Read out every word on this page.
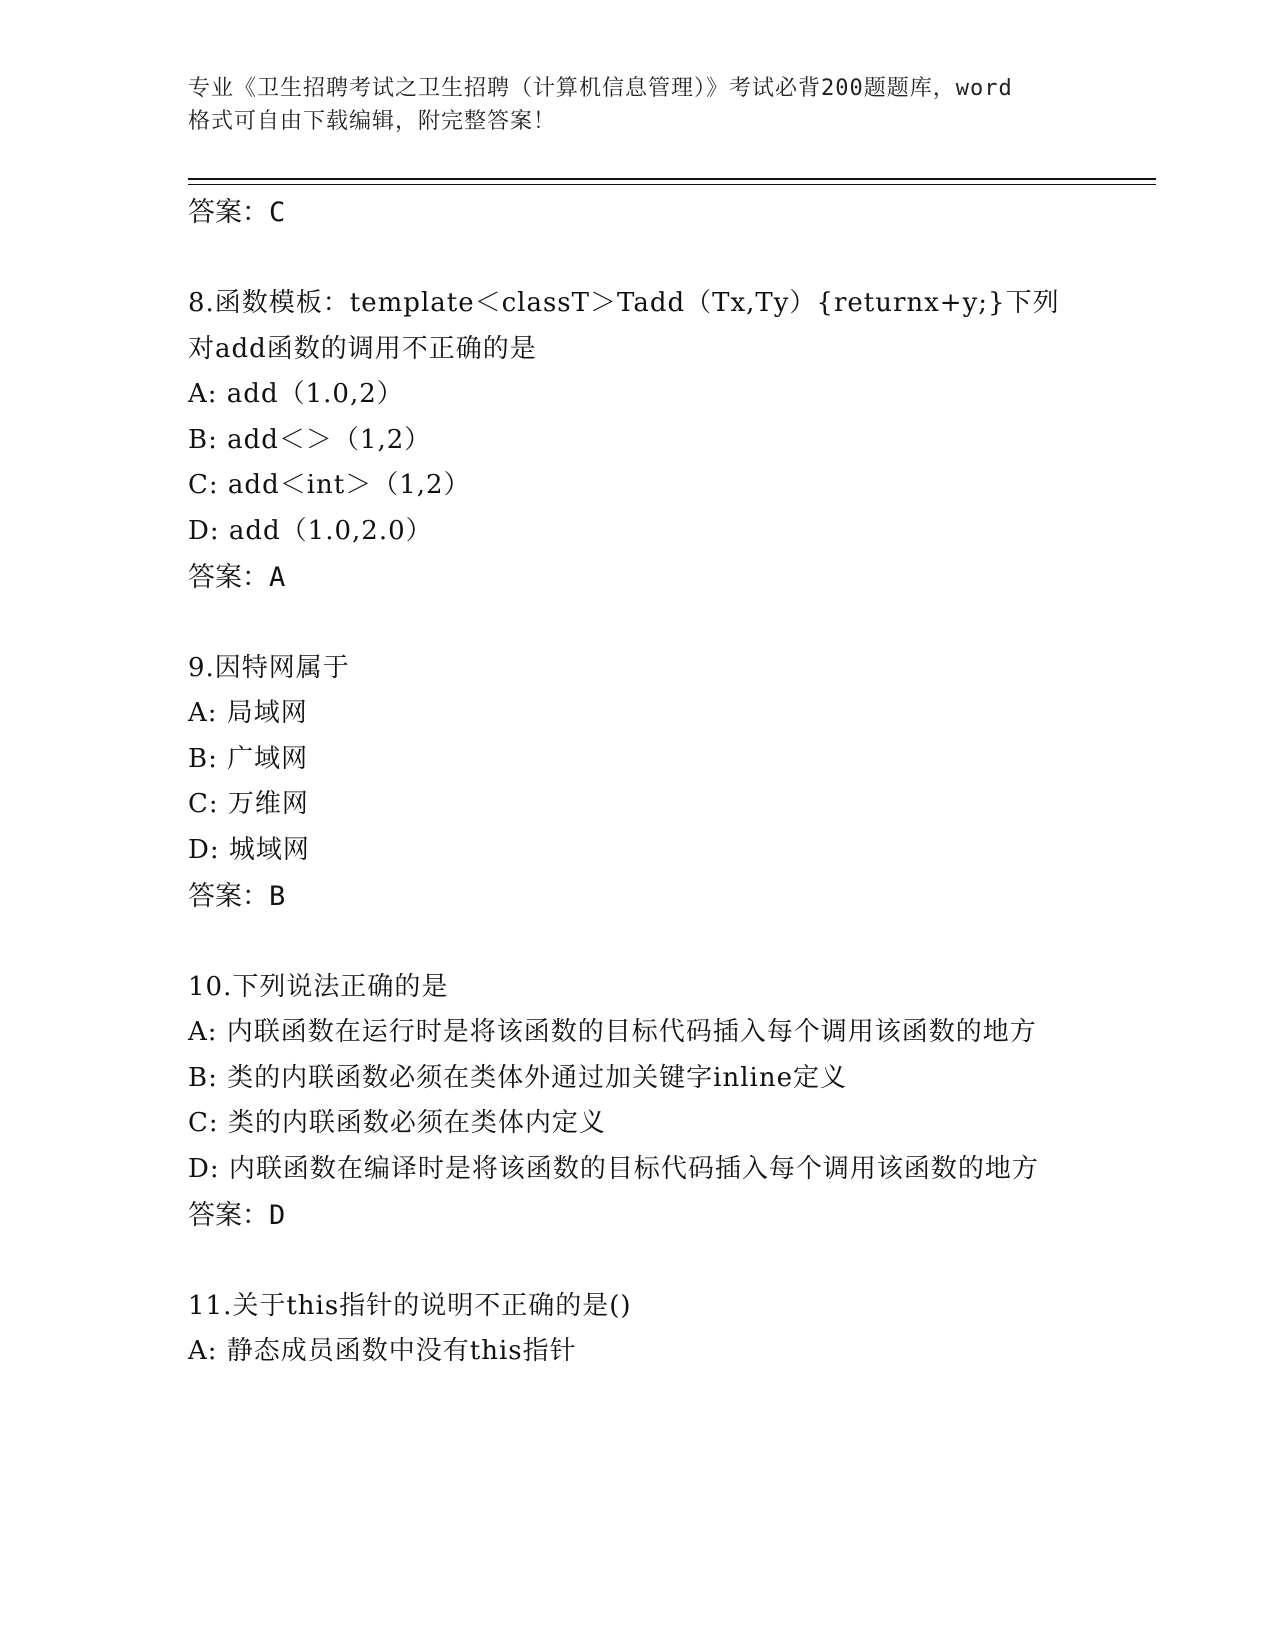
专业《卫生招聘考试之卫生招聘（计算机信息管理）》考试必背200题题库，word
格式可自由下载编辑，附完整答案！

答案：C

8.函数模板：template＜classT＞Tadd（Tx,Ty）{returnx+y;}下列对add函数的调用不正确的是

A: add（1.0,2）

B: add＜＞（1,2）

C: add＜int＞（1,2）

D: add（1.0,2.0）

答案：A

9.因特网属于

A: 局域网

B: 广域网

C: 万维网

D: 城域网

答案：B

10.下列说法正确的是

A: 内联函数在运行时是将该函数的目标代码插入每个调用该函数的地方

B: 类的内联函数必须在类体外通过加关键字inline定义

C: 类的内联函数必须在类体内定义

D: 内联函数在编译时是将该函数的目标代码插入每个调用该函数的地方

答案：D

11.关于this指针的说明不正确的是()

A: 静态成员函数中没有this指针
